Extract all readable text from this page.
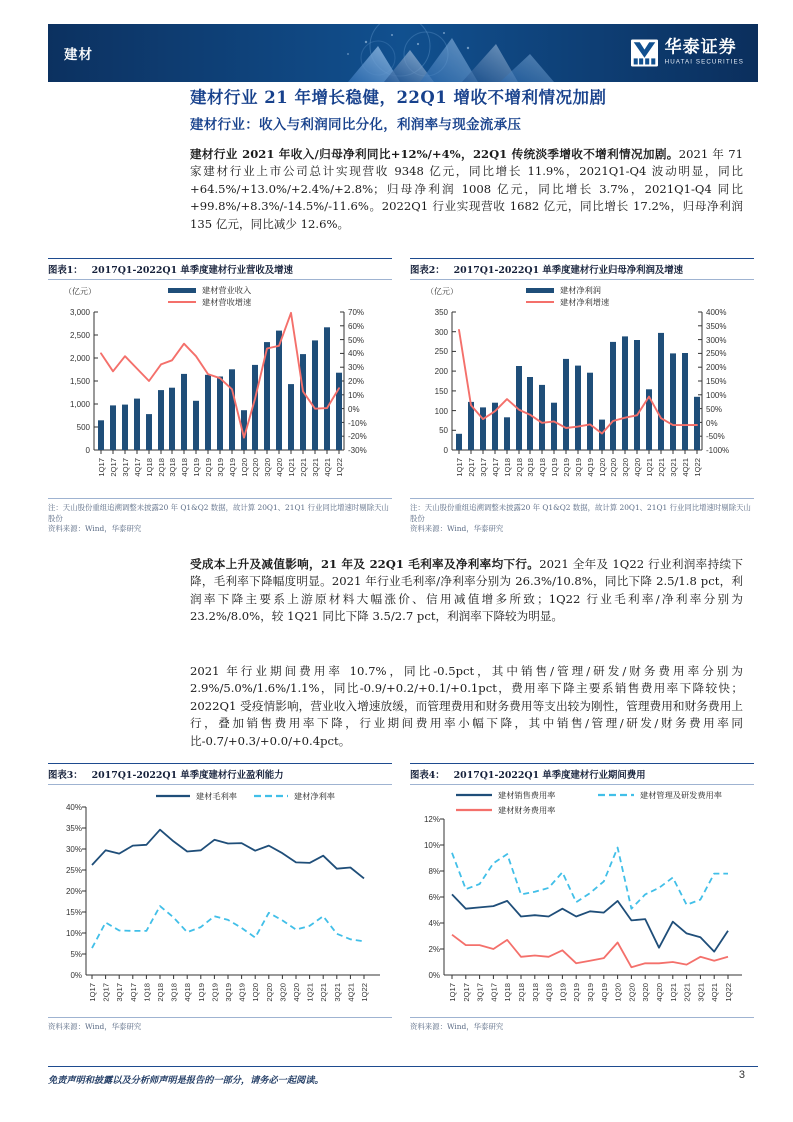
建材	华泰证券
HUATAI SECURITIES
建材行业 21 年增长稳健，22Q1 增收不增利情况加剧
建材行业：收入与利润同比分化，利润率与现金流承压
建材行业 2021 年收入/归母净利同比+12%/+4%，22Q1 传统淡季增收不增利情况加剧。2021 年 71 家建材行业上市公司总计实现营收 9348 亿元，同比增长 11.9%，2021Q1-Q4 波动明显，同比+64.5%/+13.0%/+2.4%/+2.8%；归母净利润 1008 亿元，同比增长 3.7%，2021Q1-Q4 同比+99.8%/+8.3%/-14.5%/-11.6%。2022Q1 行业实现营收 1682 亿元，同比增长 17.2%，归母净利润 135 亿元，同比减少 12.6%。
图表1： 2017Q1-2022Q1 单季度建材行业营收及增速
（亿元）
3,000
2,500
2,000
1,500
1,000
500
0
70%
60%
50%
40%
30%
20%
10%
0%
-10%
-20%
-30%
建材营业收入
建材营收增速
1Q17 2Q17 3Q17 4Q17 1Q18 2Q18 3Q18 4Q18 1Q19 2Q19 3Q19 4Q19 1Q20 2Q20 3Q20 4Q20 1Q21 2Q21 3Q21 4Q21 1Q22
注：天山股份重组追溯调整未披露20 年 Q1&Q2 数据，故计算 20Q1、21Q1 行业同比增速时剔除天山股份
资料来源：Wind，华泰研究
图表2： 2017Q1-2022Q1 单季度建材行业归母净利润及增速
（亿元）
350
300
250
200
150
100
50
0
400%
350%
300%
250%
200%
150%
100%
50%
0%
-50%
-100%
建材净利润
建材净利增速
1Q17 2Q17 3Q17 4Q17 1Q18 2Q18 3Q18 4Q18 1Q19 2Q19 3Q19 4Q19 1Q20 2Q20 3Q20 4Q20 1Q21 2Q21 3Q21 4Q21 1Q22
注：天山股份重组追溯调整未披露20 年 Q1&Q2 数据，故计算 20Q1、21Q1 行业同比增速时剔除天山股份
资料来源：Wind，华泰研究
受成本上升及减值影响，21 年及 22Q1 毛利率及净利率均下行。2021 全年及 1Q22 行业利润率持续下降，毛利率下降幅度明显。2021 年行业毛利率/净利率分别为 26.3%/10.8%，同比下降 2.5/1.8 pct，利润率下降主要系上游原材料大幅涨价、信用减值增多所致；1Q22 行业毛利率/净利率分别为 23.2%/8.0%，较 1Q21 同比下降 3.5/2.7 pct，利润率下降较为明显。
2021 年行业期间费用率 10.7%，同比-0.5pct，其中销售/管理/研发/财务费用率分别为 2.9%/5.0%/1.6%/1.1%，同比-0.9/+0.2/+0.1/+0.1pct，费用率下降主要系销售费用率下降较快；2022Q1 受疫情影响，营业收入增速放缓，而管理费用和财务费用等支出较为刚性，管理费用和财务费用上行，叠加销售费用率下降，行业期间费用率小幅下降，其中销售/管理/研发/财务费用率同比-0.7/+0.3/+0.0/+0.4pct。
图表3： 2017Q1-2022Q1 单季度建材行业盈利能力
40%
35%
30%
25%
20%
15%
10%
5%
0%
建材毛利率	建材净利率
1Q17 2Q17 3Q17 4Q17 1Q18 2Q18 3Q18 4Q18 1Q19 2Q19 3Q19 4Q19 1Q20 2Q20 3Q20 4Q20 1Q21 2Q21 3Q21 4Q21 1Q22
资料来源：Wind，华泰研究
图表4： 2017Q1-2022Q1 单季度建材行业期间费用
12%
10%
8%
6%
4%
2%
0%
建材销售费用率	建材管理及研发费用率
建材财务费用率
1Q17 2Q17 3Q17 4Q17 1Q18 2Q18 3Q18 4Q18 1Q19 2Q19 3Q19 4Q19 1Q20 2Q20 3Q20 4Q20 1Q21 2Q21 3Q21 4Q21 1Q22
资料来源：Wind，华泰研究
免责声明和披露以及分析师声明是报告的一部分，请务必一起阅读。	3
